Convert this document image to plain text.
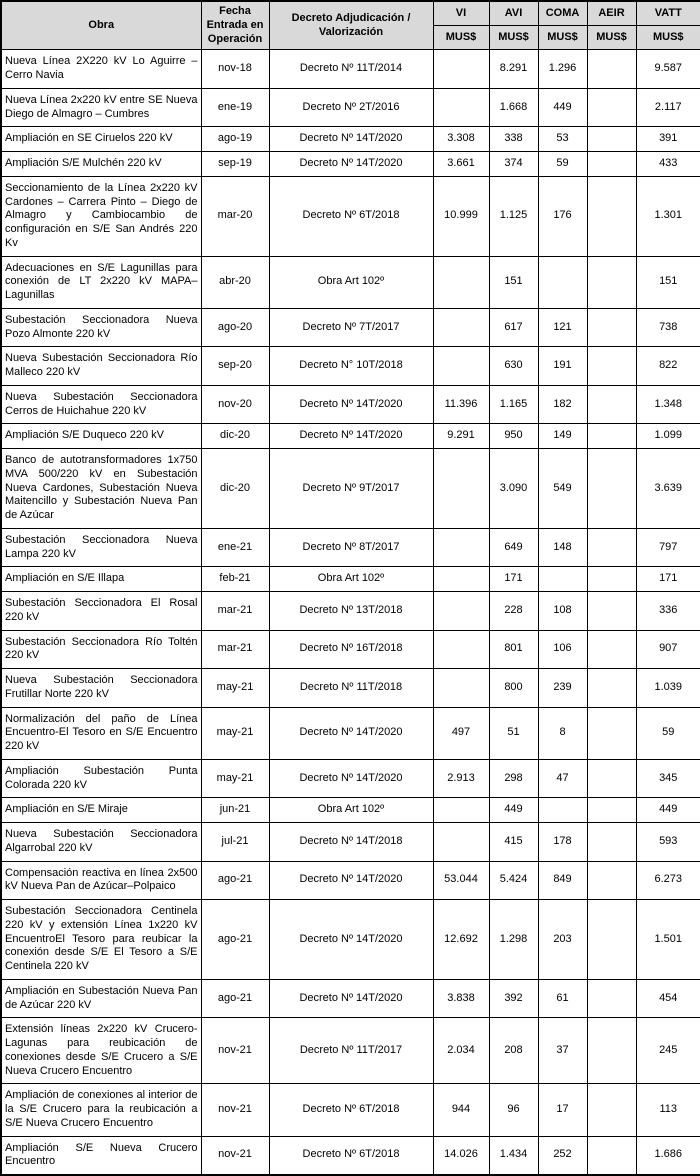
Obra	Fecha Entrada en Operación	Decreto Adjudicación / Valorización	VI	AVI	COMA	AEIR	VATT
			MUS$	MUS$	MUS$	MUS$	MUS$
Nueva Línea 2X220 kV Lo Aguirre – Cerro Navia	nov-18	Decreto Nº 11T/2014		8.291	1.296		9.587
Nueva Línea 2x220 kV entre SE Nueva Diego de Almagro – Cumbres	ene-19	Decreto Nº 2T/2016		1.668	449		2.117
Ampliación en SE Ciruelos 220 kV	ago-19	Decreto Nº 14T/2020	3.308	338	53		391
Ampliación S/E Mulchén 220 kV	sep-19	Decreto Nº 14T/2020	3.661	374	59		433
Seccionamiento de la Línea 2x220 kV Cardones – Carrera Pinto – Diego de Almagro y Cambiocambio de configuración en S/E San Andrés 220 Kv	mar-20	Decreto Nº 6T/2018	10.999	1.125	176		1.301
Adecuaciones en S/E Lagunillas para conexión de LT 2x220 kV MAPA–Lagunillas	abr-20	Obra Art 102º		151			151
Subestación Seccionadora Nueva Pozo Almonte 220 kV	ago-20	Decreto Nº 7T/2017		617	121		738
Nueva Subestación Seccionadora Río Malleco 220 kV	sep-20	Decreto N° 10T/2018		630	191		822
Nueva Subestación Seccionadora Cerros de Huichahue 220 kV	nov-20	Decreto Nº 14T/2020	11.396	1.165	182		1.348
Ampliación S/E Duqueco 220 kV	dic-20	Decreto Nº 14T/2020	9.291	950	149		1.099
Banco de autotransformadores 1x750 MVA 500/220 kV en Subestación Nueva Cardones, Subestación Nueva Maitencillo y Subestación Nueva Pan de Azúcar	dic-20	Decreto Nº 9T/2017		3.090	549		3.639
Subestación Seccionadora Nueva Lampa 220 kV	ene-21	Decreto Nº 8T/2017		649	148		797
Ampliación en S/E Illapa	feb-21	Obra Art 102º		171			171
Subestación Seccionadora El Rosal 220 kV	mar-21	Decreto Nº 13T/2018		228	108		336
Subestación Seccionadora Río Toltén 220 kV	mar-21	Decreto Nº 16T/2018		801	106		907
Nueva Subestación Seccionadora Frutillar Norte 220 kV	may-21	Decreto Nº 11T/2018		800	239		1.039
Normalización del paño de Línea Encuentro-El Tesoro en S/E Encuentro 220 kV	may-21	Decreto Nº 14T/2020	497	51	8		59
Ampliación Subestación Punta Colorada 220 kV	may-21	Decreto Nº 14T/2020	2.913	298	47		345
Ampliación en S/E Miraje	jun-21	Obra Art 102º		449			449
Nueva Subestación Seccionadora Algarrobal 220 kV	jul-21	Decreto Nº 14T/2018		415	178		593
Compensación reactiva en línea 2x500 kV Nueva Pan de Azúcar–Polpaico	ago-21	Decreto Nº 14T/2020	53.044	5.424	849		6.273
Subestación Seccionadora Centinela 220 kV y extensión Línea 1x220 kV EncuentroEl Tesoro para reubicar la conexión desde S/E El Tesoro a S/E Centinela 220 kV	ago-21	Decreto Nº 14T/2020	12.692	1.298	203		1.501
Ampliación en Subestación Nueva Pan de Azúcar 220 kV	ago-21	Decreto Nº 14T/2020	3.838	392	61		454
Extensión líneas 2x220 kV Crucero-Lagunas para reubicación de conexiones desde S/E Crucero a S/E Nueva Crucero Encuentro	nov-21	Decreto Nº 11T/2017	2.034	208	37		245
Ampliación de conexiones al interior de la S/E Crucero para la reubicación a S/E Nueva Crucero Encuentro	nov-21	Decreto Nº 6T/2018	944	96	17		113
Ampliación S/E Nueva Crucero Encuentro	nov-21	Decreto Nº 6T/2018	14.026	1.434	252		1.686
